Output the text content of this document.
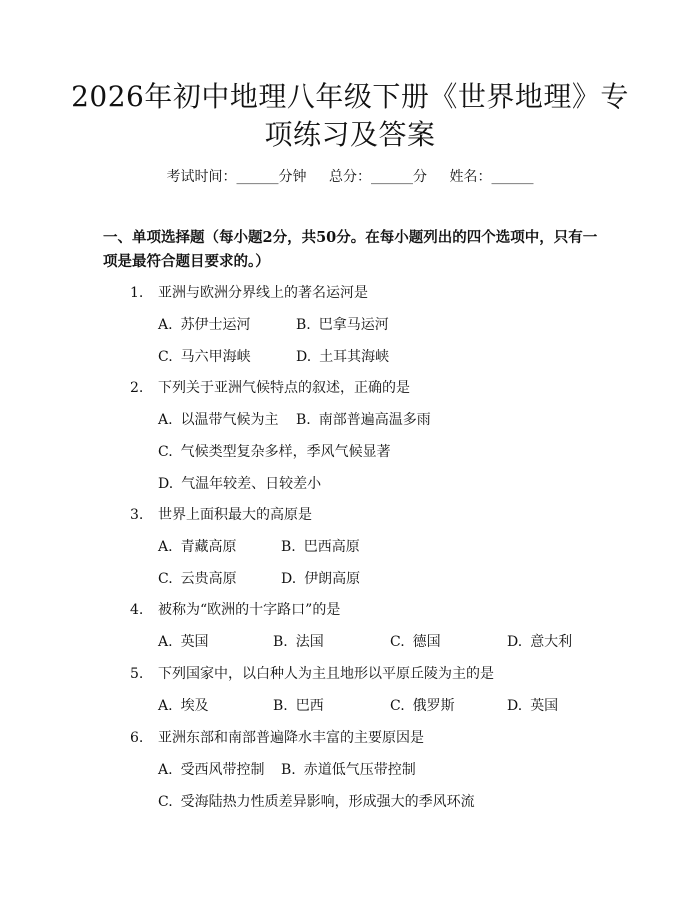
2026年初中地理八年级下册《世界地理》专
项练习及答案
考试时间：______分钟 总分：______分 姓名：______
一、单项选择题（每小题2分，共50分。在每小题列出的四个选项中，只有一项是最符合题目要求的。）
1. 亚洲与欧洲分界线上的著名运河是
A. 苏伊士运河	B. 巴拿马运河
C. 马六甲海峡	D. 土耳其海峡
2. 下列关于亚洲气候特点的叙述，正确的是
A. 以温带气候为主 B. 南部普遍高温多雨
C. 气候类型复杂多样，季风气候显著
D. 气温年较差、日较差小
3. 世界上面积最大的高原是
A. 青藏高原	B. 巴西高原
C. 云贵高原	D. 伊朗高原
4. 被称为“欧洲的十字路口”的是
A. 英国	B. 法国	C. 德国	D. 意大利
5. 下列国家中，以白种人为主且地形以平原丘陵为主的是
A. 埃及	B. 巴西	C. 俄罗斯	D. 英国
6. 亚洲东部和南部普遍降水丰富的主要原因是
A. 受西风带控制 B. 赤道低气压带控制
C. 受海陆热力性质差异影响，形成强大的季风环流
